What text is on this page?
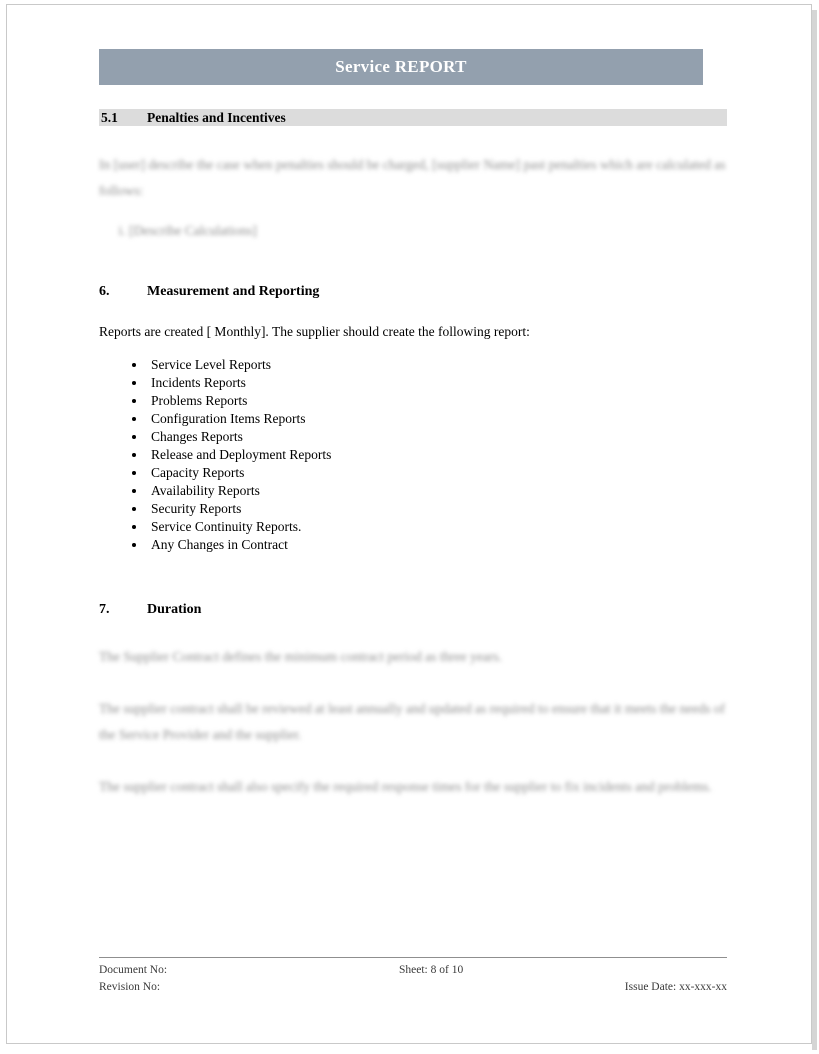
Service REPORT
5.1	Penalties and Incentives
In [user] describe the case when penalties should be charged, [supplier Name] past penalties which are calculated as follows:
i. [Describe Calculations]
6.	Measurement and Reporting
Reports are created [ Monthly]. The supplier should create the following report:
• Service Level Reports
• Incidents Reports
• Problems Reports
• Configuration Items Reports
• Changes Reports
• Release and Deployment Reports
• Capacity Reports
• Availability Reports
• Security Reports
• Service Continuity Reports.
• Any Changes in Contract
7.	Duration
The Supplier Contract defines the minimum contract period as three years.
The supplier contract shall be reviewed at least annually and updated as required to ensure that it meets the needs of the Service Provider and the supplier.
The supplier contract shall also specify the required response times for the supplier to fix incidents and problems.
Document No:	Sheet: 8 of 10
Revision No:	Issue Date: xx-xxx-xx
